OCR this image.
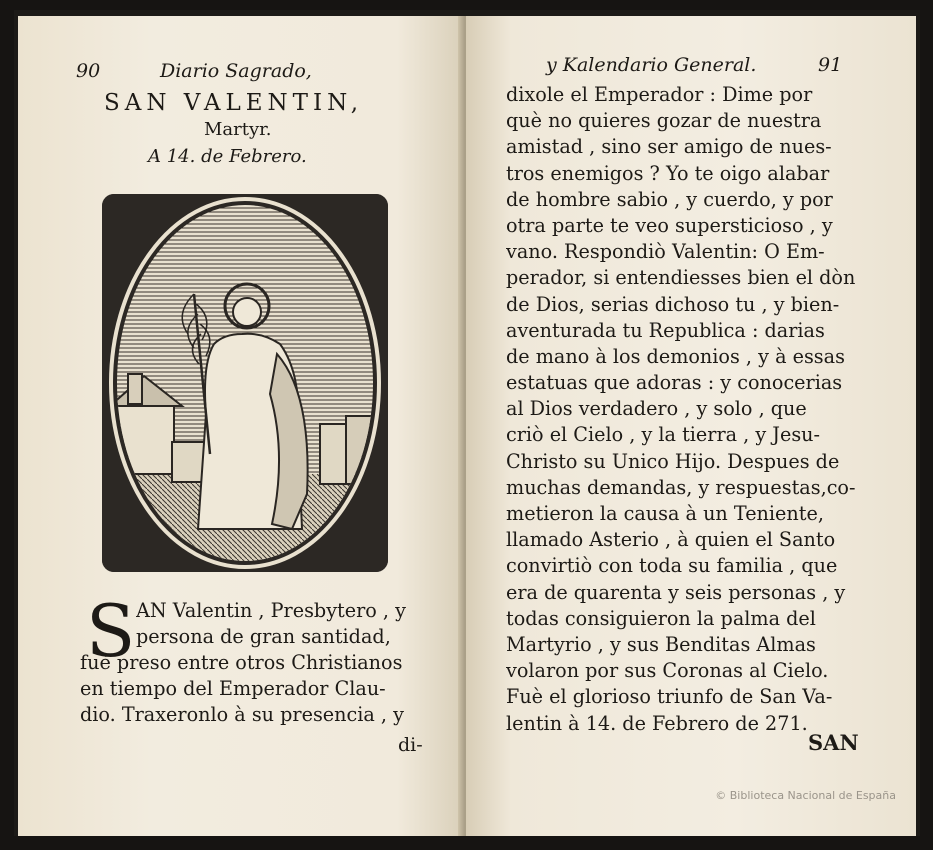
90	Diario Sagrado,
SAN VALENTIN,
Martyr.
A 14. de Febrero.
S AN Valentin , Presbytero , y
persona de gran santidad,
fuè preso entre otros Christianos
en tiempo del Emperador Clau-
dio. Traxeronlo à su presencia , y
di-
y Kalendario General.	91
dixole el Emperador : Dime por
què no quieres gozar de nuestra
amistad , sino ser amigo de nues-
tros enemigos ? Yo te oigo alabar
de hombre sabio , y cuerdo, y por
otra parte te veo supersticioso , y
vano. Respondiò Valentin: O Em-
perador, si entendiesses bien el dòn
de Dios, serias dichoso tu , y bien-
aventurada tu Republica : darias
de mano à los demonios , y à essas
estatuas que adoras : y conocerias
al Dios verdadero , y solo , que
criò el Cielo , y la tierra , y Jesu-
Christo su Unico Hijo. Despues de
muchas demandas, y respuestas,co-
metieron la causa à un Teniente,
llamado Asterio , à quien el Santo
convirtiò con toda su familia , que
era de quarenta y seis personas , y
todas consiguieron la palma del
Martyrio , y sus Benditas Almas
volaron por sus Coronas al Cielo.
Fuè el glorioso triunfo de San Va-
lentin à 14. de Febrero de 271.
SAN
© Biblioteca Nacional de España
